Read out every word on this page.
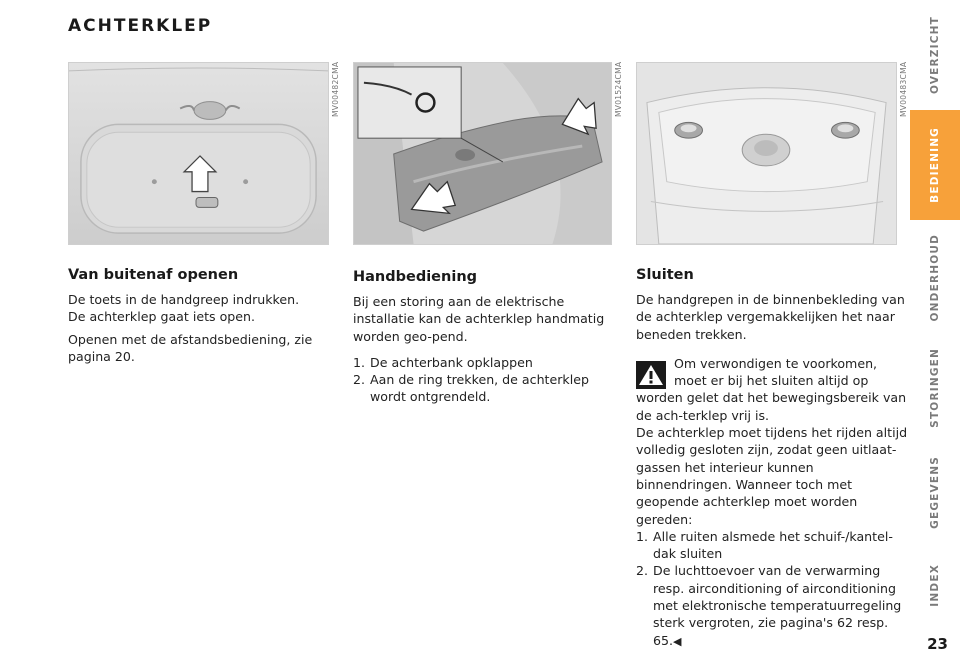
ACHTERKLEP
MV00482CMA	MV01524CMA	MV00483CMA
Van buitenaf openen

De toets in de handgreep indrukken.
De achterklep gaat iets open.

Openen met de afstandsbediening, zie pagina 20.

Handbediening

Bij een storing aan de elektrische installatie kan de achterklep handmatig worden geo-pend.

1. De achterbank opklappen
2. Aan de ring trekken, de achterklep wordt ontgrendeld.
Sluiten

De handgrepen in de binnenbekleding van de achterklep vergemakkelijken het naar beneden trekken.

Om verwondigen te voorkomen, moet er bij het sluiten altijd op worden gelet dat het bewegingsbereik van de ach-terklep vrij is.

De achterklep moet tijdens het rijden altijd volledig gesloten zijn, zodat geen uitlaat-gassen het interieur kunnen binnendringen. Wanneer toch met geopende achterklep moet worden gereden:

1. Alle ruiten alsmede het schuif-/kantel-dak sluiten
2. De luchttoevoer van de verwarming resp. airconditioning of airconditioning met elektronische temperatuurregeling sterk vergroten, zie pagina's 62 resp. 65.◀
OVERZICHT
BEDIENING
ONDERHOUD
STORINGEN
GEGEVENS
INDEX
23
